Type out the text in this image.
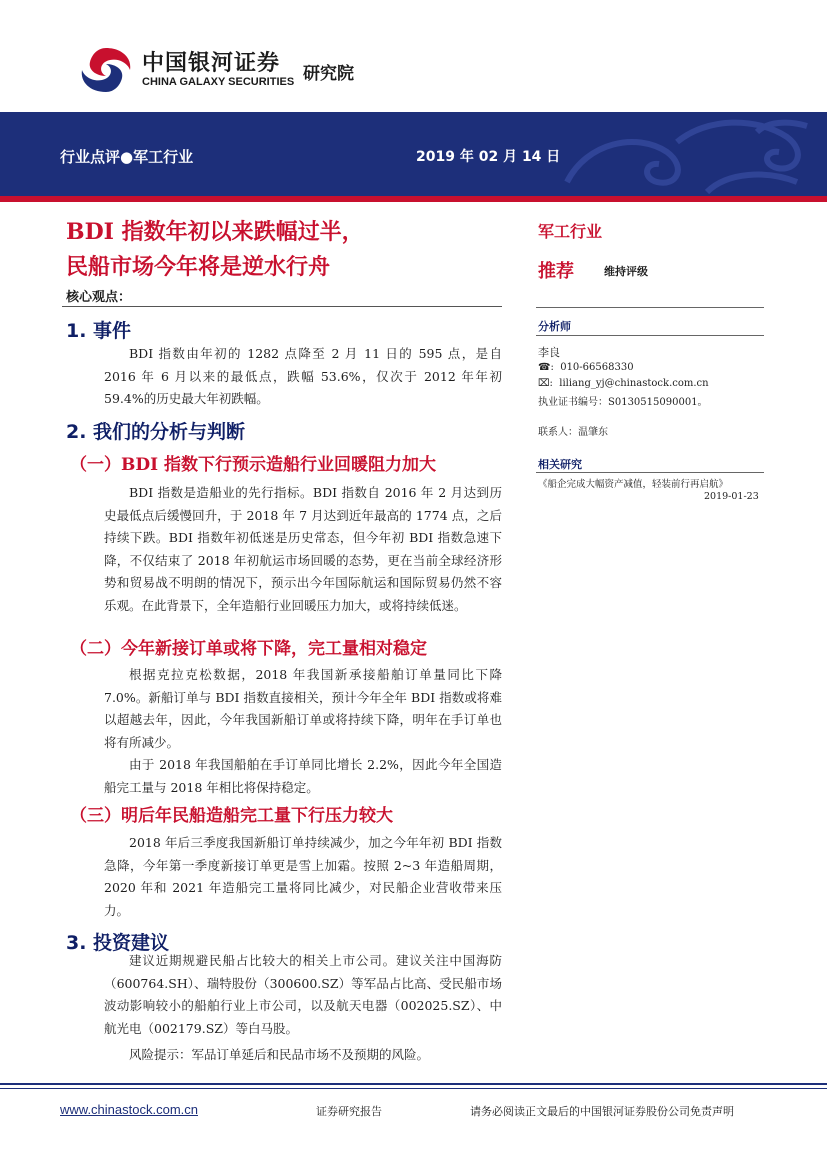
中国银河证券
CHINA GALAXY SECURITIES 研究院
行业点评●军工行业	2019 年 02 月 14 日
BDI 指数年初以来跌幅过半，
民船市场今年将是逆水行舟
核心观点：
1. 事件

BDI 指数由年初的 1282 点降至 2 月 11 日的 595 点，是自 2016 年 6 月以来的最低点，跌幅 53.6%，仅次于 2012 年年初 59.4%的历史最大年初跌幅。

2. 我们的分析与判断
（一）BDI 指数下行预示造船行业回暖阻力加大

BDI 指数是造船业的先行指标。BDI 指数自 2016 年 2 月达到历史最低点后缓慢回升，于 2018 年 7 月达到近年最高的 1774 点，之后持续下跌。BDI 指数年初低迷是历史常态，但今年初 BDI 指数急速下降，不仅结束了 2018 年初航运市场回暖的态势，更在当前全球经济形势和贸易战不明朗的情况下，预示出今年国际航运和国际贸易仍然不容乐观。在此背景下，全年造船行业回暖压力加大，或将持续低迷。

（二）今年新接订单或将下降，完工量相对稳定

根据克拉克松数据，2018 年我国新承接船舶订单量同比下降 7.0%。新船订单与 BDI 指数直接相关，预计今年全年 BDI 指数或将难以超越去年，因此，今年我国新船订单或将持续下降，明年在手订单也将有所减少。

由于 2018 年我国船舶在手订单同比增长 2.2%，因此今年全国造船完工量与 2018 年相比将保持稳定。

（三）明后年民船造船完工量下行压力较大

2018 年后三季度我国新船订单持续减少，加之今年年初 BDI 指数急降，今年第一季度新接订单更是雪上加霜。按照 2~3 年造船周期，2020 年和 2021 年造船完工量将同比减少，对民船企业营收带来压力。

3. 投资建议

建议近期规避民船占比较大的相关上市公司。建议关注中国海防（600764.SH）、瑞特股份（300600.SZ）等军品占比高、受民船市场波动影响较小的船舶行业上市公司，以及航天电器（002025.SZ）、中航光电（002179.SZ）等白马股。

风险提示：军品订单延后和民品市场不及预期的风险。

军工行业
推荐	维持评级
分析师
李良
☎:  010-66568330
⌧:  liliang_yj@chinastock.com.cn
执业证书编号：S0130515090001。
联系人：温肇东
相关研究
《船企完成大幅资产减值，轻装前行再启航》
2019-01-23
www.chinastock.com.cn	证券研究报告	请务必阅读正文最后的中国银河证券股份公司免责声明
